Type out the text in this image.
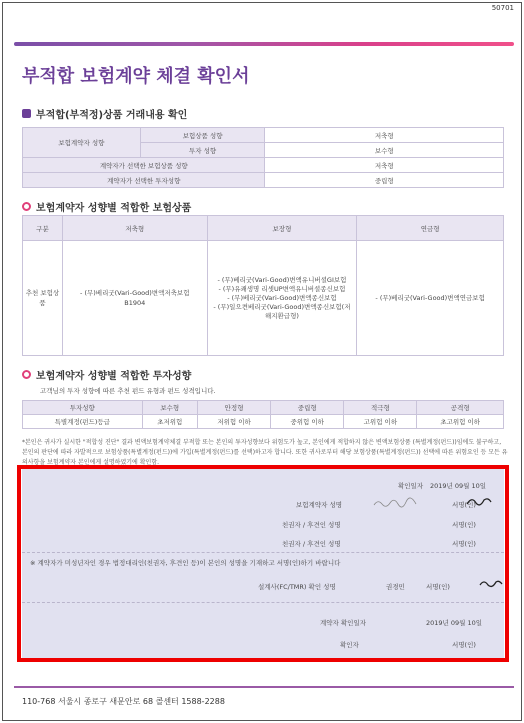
50701
부적합 보험계약 체결 확인서
부적합(부적정)상품 거래내용 확인
보험계약자 성향	보험상품 성향	저축형
	투자 성향	보수형
계약자가 선택한 보험상품 성향		저축형
계약자가 선택한 투자성향		중립형
보험계약자 성향별 적합한 보험상품
구분	저축형	보장형	연금형
추천 보험상품	- (무)베리굿(Vari-Good)변액저축보험 B1904	- (무)베리굿(Vari-Good)변액유니버셜GI보험
- (무)유쾌생명 리셋UP변액유니버셜종신보험
- (무)베리굿(Vari-Good)변액종신보험
- (무)일으켠베리굿(Vari-Good)변액종신보험(저해지환급형)	- (무)베리굿(Vari-Good)변액연금보험
보험계약자 성향별 적합한 투자성향
고객님의 투자 성향에 따른 추천 펀드 유형과 펀드 성격입니다.
투자성향	보수형	안정형	중립형	적극형	공격형
특별계정(펀드)등급	초저위험	저위험 이하	중위험 이하	고위험 이하	초고위험 이하
*본인은 귀사가 실시한 "적합성 진단" 결과 변액보험계약체결 부적합 또는 본인의 투자성향보다 위험도가 높고, 본인에게 적합하지 않은 변액보험상품 (특별계정(펀드))임에도 불구하고, 본인의 판단에 따라 자발적으로 보험상품(특별계정(펀드))에 가입(특별계정(펀드)를 선택)하고자 합니다. 또한 귀사로부터 해당 보험상품(특별계정(펀드)) 선택에 따른 위험요인 등 모든 유의사항을 보험계약자 본인에게 설명하였기에 확인함.
확인일자 2019년 09월 10일
보험계약자 성명	서명(인)
친권자 / 후견인 성명	서명(인)
친권자 / 후견인 성명	서명(인)
※ 계약자가 미성년자인 경우 법정대리인(친권자, 후견인 등)이 본인의 성명을 기재하고 서명(인)하기 바랍니다
설계사(FC/TMR) 확인 성명	권경민	서명(인)
계약자 확인일자	2019년 09월 10일
확인자	서명(인)
110-768 서울시 종로구 새문안로 68 콜센터 1588-2288
